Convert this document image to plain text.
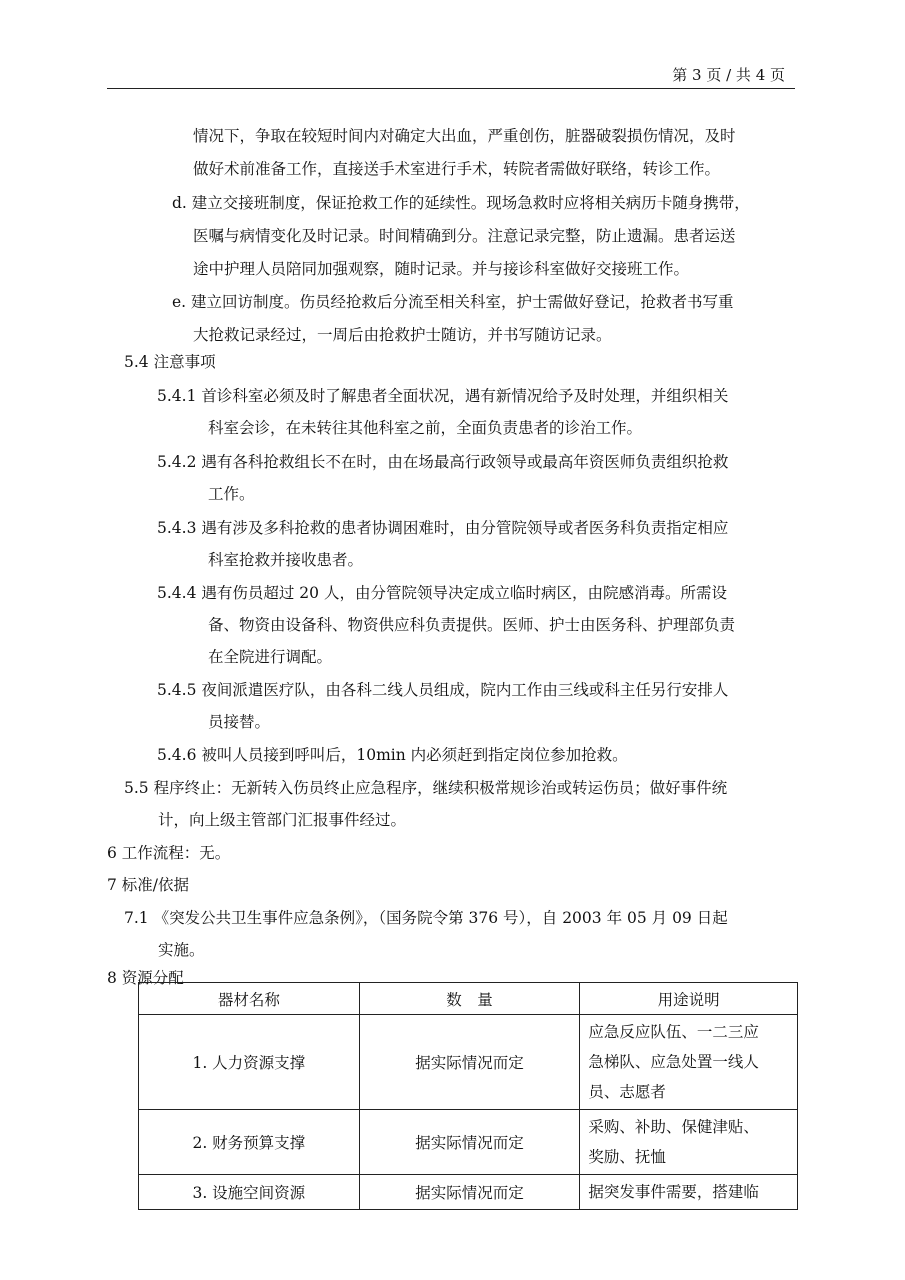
第 3 页 / 共 4 页
情况下，争取在较短时间内对确定大出血，严重创伤，脏器破裂损伤情况，及时
做好术前准备工作，直接送手术室进行手术，转院者需做好联络，转诊工作。
d. 建立交接班制度，保证抢救工作的延续性。现场急救时应将相关病历卡随身携带，
医嘱与病情变化及时记录。时间精确到分。注意记录完整，防止遗漏。患者运送
途中护理人员陪同加强观察，随时记录。并与接诊科室做好交接班工作。
e. 建立回访制度。伤员经抢救后分流至相关科室，护士需做好登记，抢救者书写重
大抢救记录经过，一周后由抢救护士随访，并书写随访记录。
5.4 注意事项
5.4.1 首诊科室必须及时了解患者全面状况，遇有新情况给予及时处理，并组织相关
科室会诊，在未转往其他科室之前，全面负责患者的诊治工作。
5.4.2 遇有各科抢救组长不在时，由在场最高行政领导或最高年资医师负责组织抢救
工作。
5.4.3 遇有涉及多科抢救的患者协调困难时，由分管院领导或者医务科负责指定相应
科室抢救并接收患者。
5.4.4 遇有伤员超过 20 人，由分管院领导决定成立临时病区，由院感消毒。所需设
备、物资由设备科、物资供应科负责提供。医师、护士由医务科、护理部负责
在全院进行调配。
5.4.5 夜间派遣医疗队，由各科二线人员组成，院内工作由三线或科主任另行安排人
员接替。
5.4.6 被叫人员接到呼叫后，10min 内必须赶到指定岗位参加抢救。
5.5 程序终止：无新转入伤员终止应急程序，继续积极常规诊治或转运伤员；做好事件统
计，向上级主管部门汇报事件经过。
6 工作流程：无。
7 标准/依据
7.1 《突发公共卫生事件应急条例》，（国务院令第 376 号），自 2003 年 05 月 09 日起
实施。
8 资源分配
器材名称	数　量	用途说明
1. 人力资源支撑	据实际情况而定	应急反应队伍、一二三应
急梯队、应急处置一线人
员、志愿者

2. 财务预算支撑	据实际情况而定	采购、补助、保健津贴、
奖励、抚恤

3. 设施空间资源	据实际情况而定	据突发事件需要，搭建临
